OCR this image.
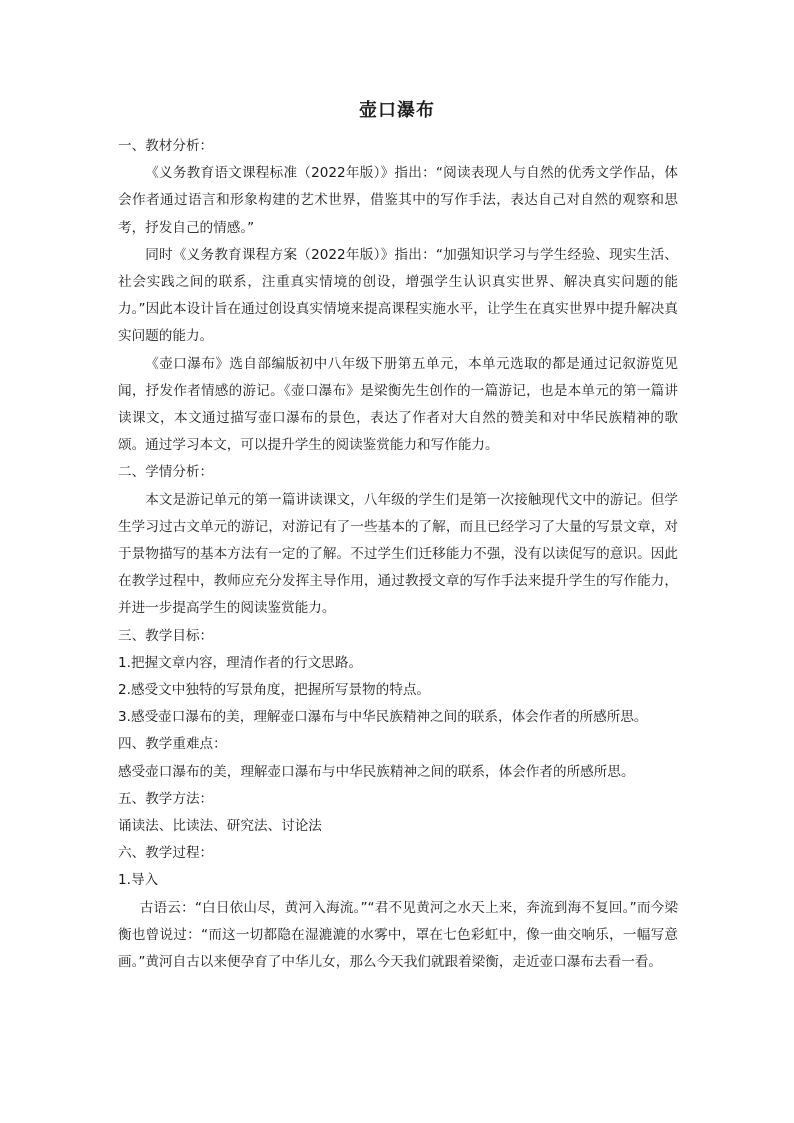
壶口瀑布

一、教材分析：

《义务教育语文课程标准（2022年版）》指出：“阅读表现人与自然的优秀文学作品，体会作者通过语言和形象构建的艺术世界，借鉴其中的写作手法，表达自己对自然的观察和思考，抒发自己的情感。”

同时《义务教育课程方案（2022年版）》指出：“加强知识学习与学生经验、现实生活、社会实践之间的联系，注重真实情境的创设，增强学生认识真实世界、解决真实问题的能力。”因此本设计旨在通过创设真实情境来提高课程实施水平，让学生在真实世界中提升解决真实问题的能力。

《壶口瀑布》选自部编版初中八年级下册第五单元，本单元选取的都是通过记叙游览见闻，抒发作者情感的游记。《壶口瀑布》是梁衡先生创作的一篇游记，也是本单元的第一篇讲读课文，本文通过描写壶口瀑布的景色，表达了作者对大自然的赞美和对中华民族精神的歌颂。通过学习本文，可以提升学生的阅读鉴赏能力和写作能力。

二、学情分析：

本文是游记单元的第一篇讲读课文，八年级的学生们是第一次接触现代文中的游记。但学生学习过古文单元的游记，对游记有了一些基本的了解，而且已经学习了大量的写景文章，对于景物描写的基本方法有一定的了解。不过学生们迁移能力不强，没有以读促写的意识。因此在教学过程中，教师应充分发挥主导作用，通过教授文章的写作手法来提升学生的写作能力，并进一步提高学生的阅读鉴赏能力。

三、教学目标：

1.把握文章内容，理清作者的行文思路。

2.感受文中独特的写景角度，把握所写景物的特点。

3.感受壶口瀑布的美，理解壶口瀑布与中华民族精神之间的联系，体会作者的所感所思。

四、教学重难点：

感受壶口瀑布的美，理解壶口瀑布与中华民族精神之间的联系，体会作者的所感所思。

五、教学方法：

诵读法、比读法、研究法、讨论法

六、教学过程：

1.导入

古语云：“白日依山尽，黄河入海流。”“君不见黄河之水天上来，奔流到海不复回。”而今梁衡也曾说过：“而这一切都隐在湿漉漉的水雾中，罩在七色彩虹中，像一曲交响乐，一幅写意画。”黄河自古以来便孕育了中华儿女，那么今天我们就跟着梁衡，走近壶口瀑布去看一看。
